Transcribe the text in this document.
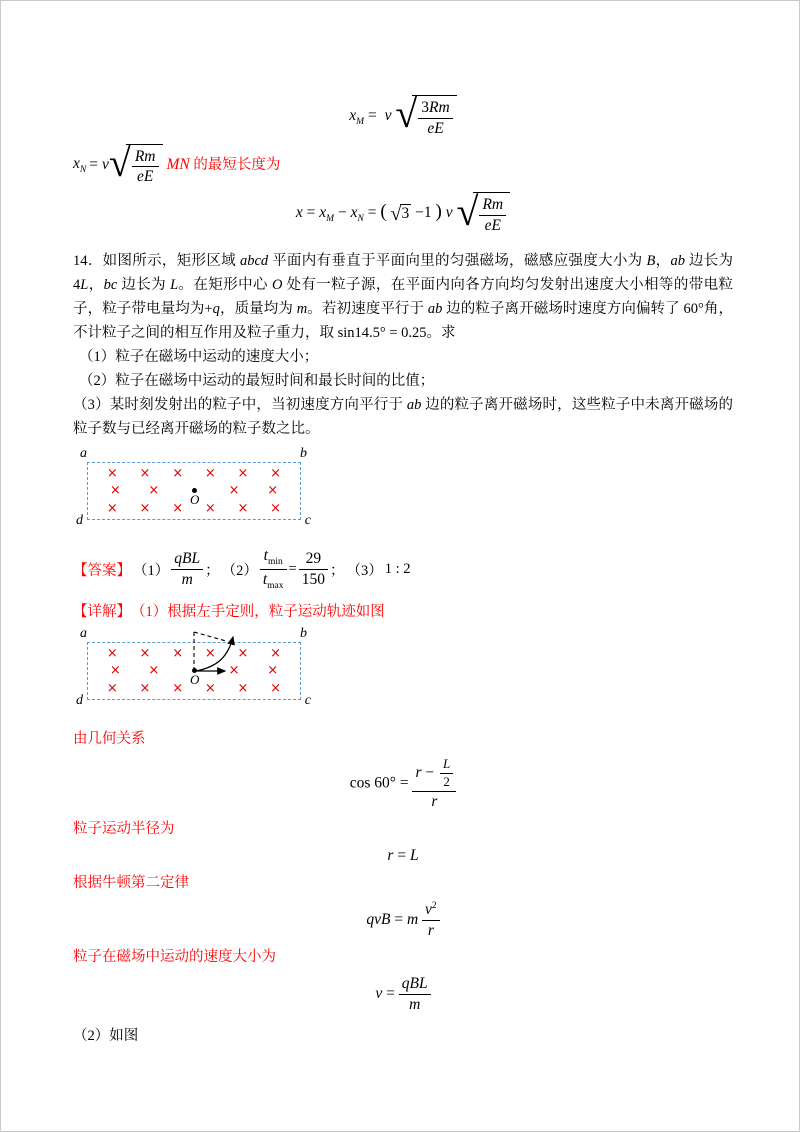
$x_M = v$ √ $\frac{3Rm}{eE}$
$x_N = v$ √ $\frac{Rm}{eE}$ MN 的最短长度为
$x = x_M - x_N$ = ( √ 3 −1 ) v √ $\frac{Rm}{eE}$
14．如图所示，矩形区域 abcd 平面内有垂直于平面向里的匀强磁场，磁感应强度大小为 B，ab 边长为4L，bc 边长为 L。在矩形中心 O 处有一粒子源，在平面内向各方向均匀发射出速度大小相等的带电粒子，粒子带电量均为+q，质量均为 m。若初速度平行于 ab 边的粒子离开磁场时速度方向偏转了 60°角，不计粒子之间的相互作用及粒子重力，取 sin14.5° = 0.25。求
（1）粒子在磁场中运动的速度大小；
（2）粒子在磁场中运动的最短时间和最长时间的比值；
（3）某时刻发射出的粒子中，当初速度方向平行于 ab 边的粒子离开磁场时，这些粒子中未离开磁场的粒子数与已经离开磁场的粒子数之比。
a	b
d	c
× × × × × ×
× ×
O
× ×
× × × × × ×
【答案】 $(1) \frac{\text{qBL}}{m}$ ； $(2) \frac{t_{min}}{t_{max}} = \frac{29}{150}$ ； （3） 1 : 2
【详解】 （1）根据左手定则，粒子运动轨迹如图
a	b
d	c
× × × × × ×
× ×
O
× ×
× × × × × ×
由几何关系
$\cos 60^\circ = \frac{r - \frac{L}{2}}{r}$
粒子运动半径为
r = L
根据牛顿第二定律
qvB = m $\frac{v^2}{r}$
粒子在磁场中运动的速度大小为
$v = \frac{\text{qBL}}{m}$
（2）如图
